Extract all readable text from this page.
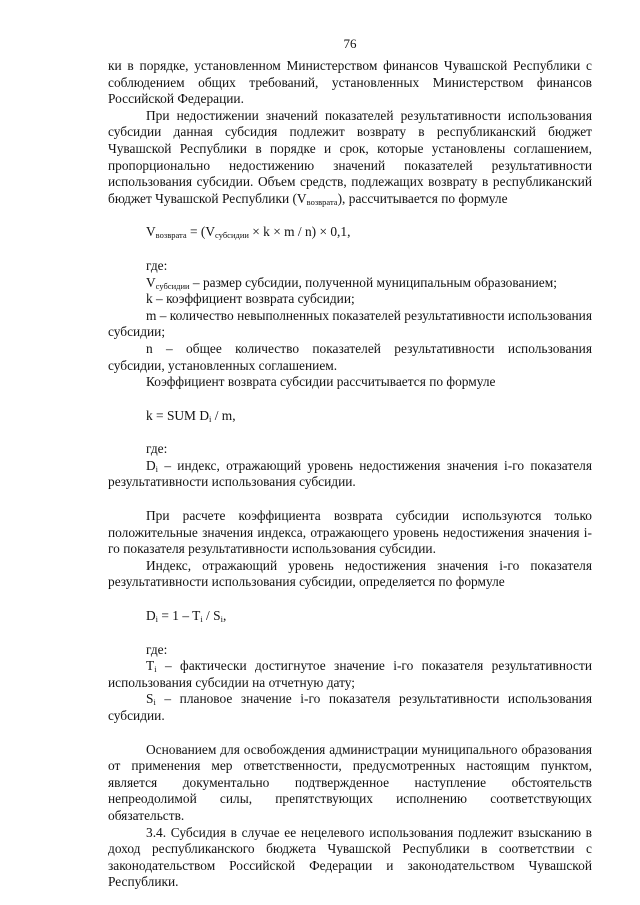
76

ки в порядке, установленном Министерством финансов Чувашской Республики с соблюдением общих требований, установленных Министерством финансов Российской Федерации.

При недостижении значений показателей результативности использования субсидии данная субсидия подлежит возврату в республиканский бюджет Чувашской Республики в порядке и срок, которые установлены соглашением, пропорционально недостижению значений показателей результативности использования субсидии. Объем средств, подлежащих возврату в республиканский бюджет Чувашской Республики $(V_{возврата})$, рассчитывается по формуле

$V_{возврата} = (V_{субсидии} \times k \times m / n) \times 0,1$,

где:

$V_{субсидии}$ – размер субсидии, полученной муниципальным образованием;

k – коэффициент возврата субсидии;

m – количество невыполненных показателей результативности использования субсидии;

n – общее количество показателей результативности использования субсидии, установленных соглашением.

Коэффициент возврата субсидии рассчитывается по формуле

k = SUM $D_i$ / m,

где:

$D_i$ – индекс, отражающий уровень недостижения значения i-го показателя результативности использования субсидии.

При расчете коэффициента возврата субсидии используются только положительные значения индекса, отражающего уровень недостижения значения i-го показателя результативности использования субсидии.

Индекс, отражающий уровень недостижения значения i-го показателя результативности использования субсидии, определяется по формуле

$D_i = 1 - T_i / S_i$,

где:

$T_i$ – фактически достигнутое значение i-го показателя результативности использования субсидии на отчетную дату;

$S_i$ – плановое значение i-го показателя результативности использования субсидии.

Основанием для освобождения администрации муниципального образования от применения мер ответственности, предусмотренных настоящим пунктом, является документально подтвержденное наступление обстоятельств непреодолимой силы, препятствующих исполнению соответствующих обязательств.

3.4. Субсидия в случае ее нецелевого использования подлежит взысканию в доход республиканского бюджета Чувашской Республики в соответствии с законодательством Российской Федерации и законодательством Чувашской Республики.
